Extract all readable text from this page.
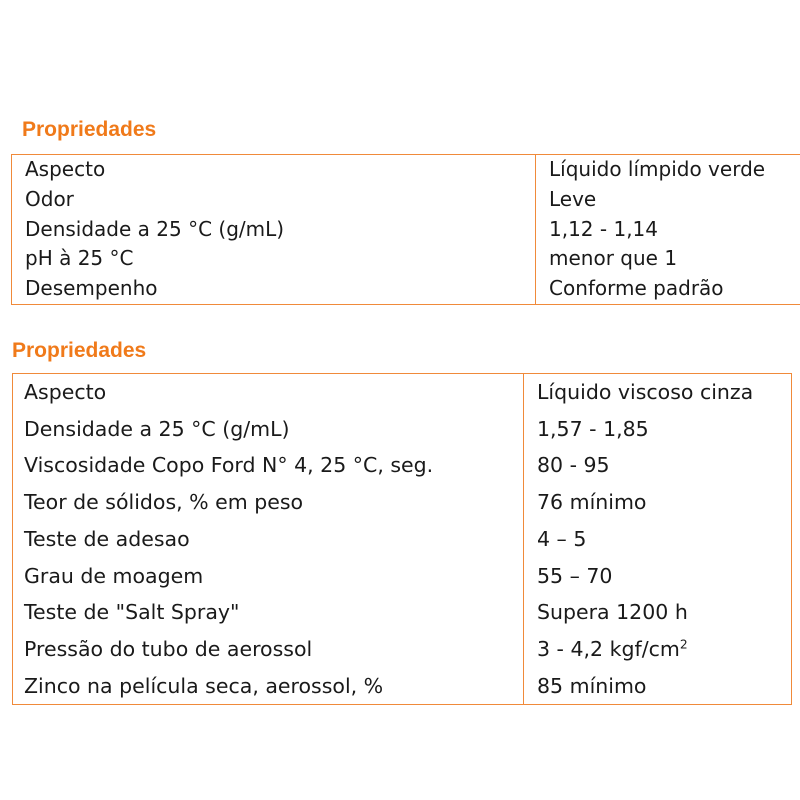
Propriedades
Aspecto	Líquido límpido verde
Odor	Leve
Densidade a 25 °C (g/mL)	1,12 - 1,14
pH à 25 °C	menor que 1
Desempenho	Conforme padrão
Propriedades
Aspecto	Líquido viscoso cinza
Densidade a 25 °C (g/mL)	1,57 - 1,85
Viscosidade Copo Ford N° 4, 25 °C, seg.	80 - 95
Teor de sólidos, % em peso	76 mínimo
Teste de adesao	4 – 5
Grau de moagem	55 – 70
Teste de "Salt Spray"	Supera 1200 h
Pressão do tubo de aerossol	3 - 4,2 kgf/$cm^2$
Zinco na película seca, aerossol, %	85 mínimo
